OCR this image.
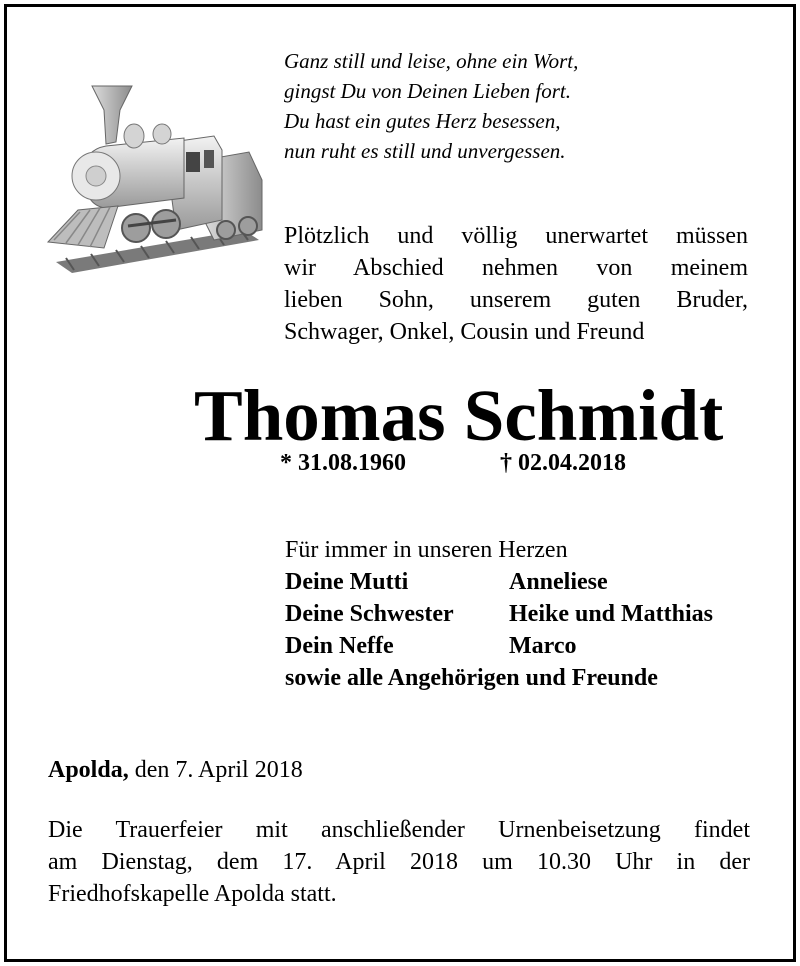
Ganz still und leise, ohne ein Wort,
gingst Du von Deinen Lieben fort.
Du hast ein gutes Herz besessen,
nun ruht es still und unvergessen.
Plötzlich und völlig unerwartet müssen
wir Abschied nehmen von meinem
lieben Sohn, unserem guten Bruder,
Schwager, Onkel, Cousin und Freund
Thomas Schmidt
* 31.08.1960	† 02.04.2018
Für immer in unseren Herzen
Deine Mutti	Anneliese
Deine Schwester	Heike und Matthias
Dein Neffe	Marco
sowie alle Angehörigen und Freunde
Apolda, den 7. April 2018
Die Trauerfeier mit anschließender Urnenbeisetzung findet
am Dienstag, dem 17. April 2018 um 10.30 Uhr in der
Friedhofskapelle Apolda statt.
